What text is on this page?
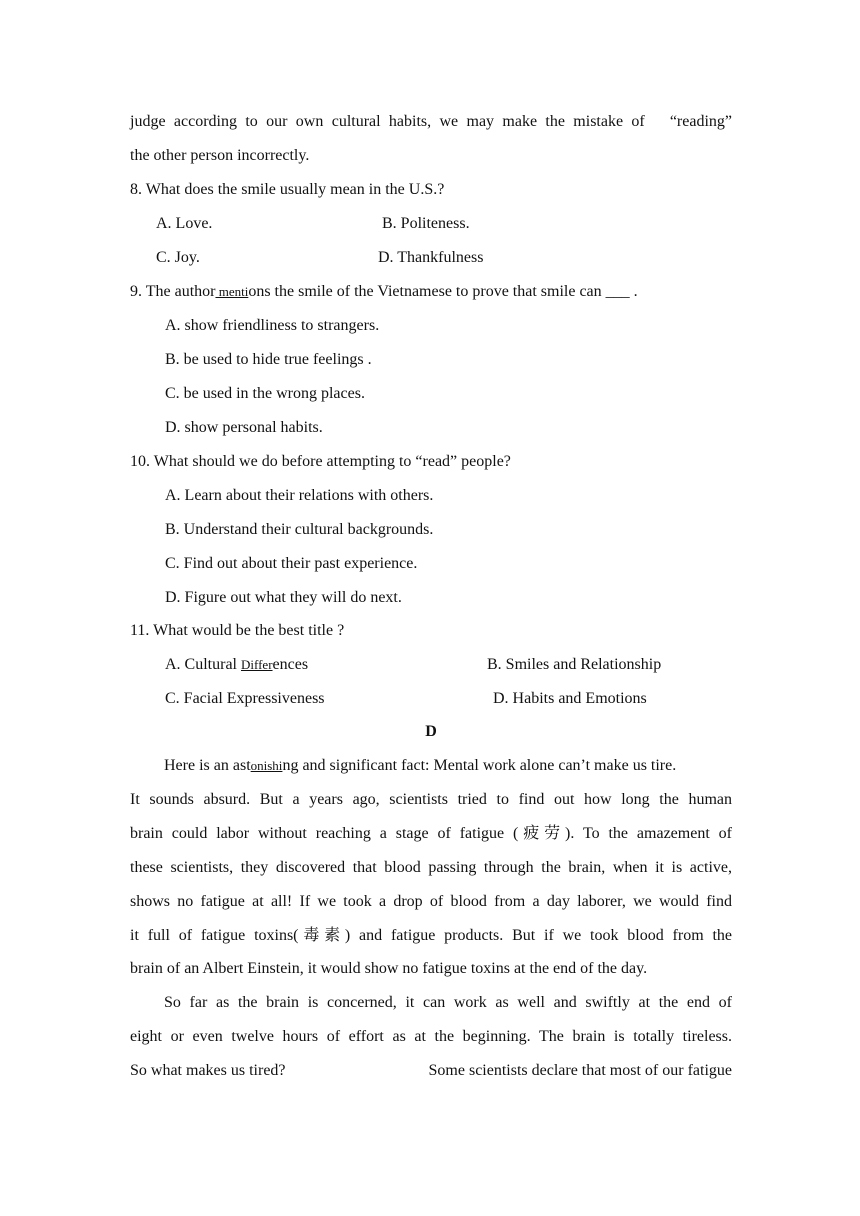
judge according to our own cultural habits, we may make the mistake of   “reading”
the other person incorrectly.
8. What does the smile usually mean in the U.S.?
A. Love.	B. Politeness.
C. Joy.	D. Thankfulness
9. The author mentions the smile of the Vietnamese to prove that smile can ___ .
A. show friendliness to strangers.
B. be used to hide true feelings .
C. be used in the wrong places.
D. show personal habits.
10. What should we do before attempting to “read” people?
A. Learn about their relations with others.
B. Understand their cultural backgrounds.
C. Find out about their past experience.
D. Figure out what they will do next.
11. What would be the best title ?
A. Cultural Differences	B. Smiles and Relationship
C. Facial Expressiveness	D. Habits and Emotions
D
Here is an astonishing and significant fact: Mental work alone can’t make us tire.
It sounds absurd. But a years ago, scientists tried to find out how long the human
brain could labor without reaching a stage of fatigue (疲劳). To the amazement of
these scientists, they discovered that blood passing through the brain, when it is active,
shows no fatigue at all! If we took a drop of blood from a day laborer, we would find
it full of fatigue toxins(毒素) and fatigue products. But if we took blood from the
brain of an Albert Einstein, it would show no fatigue toxins at the end of the day.
So far as the brain is concerned, it can work as well and swiftly at the end of
eight or even twelve hours of effort as at the beginning. The brain is totally tireless.
So what makes us tired?	Some scientists declare that most of our fatigue
